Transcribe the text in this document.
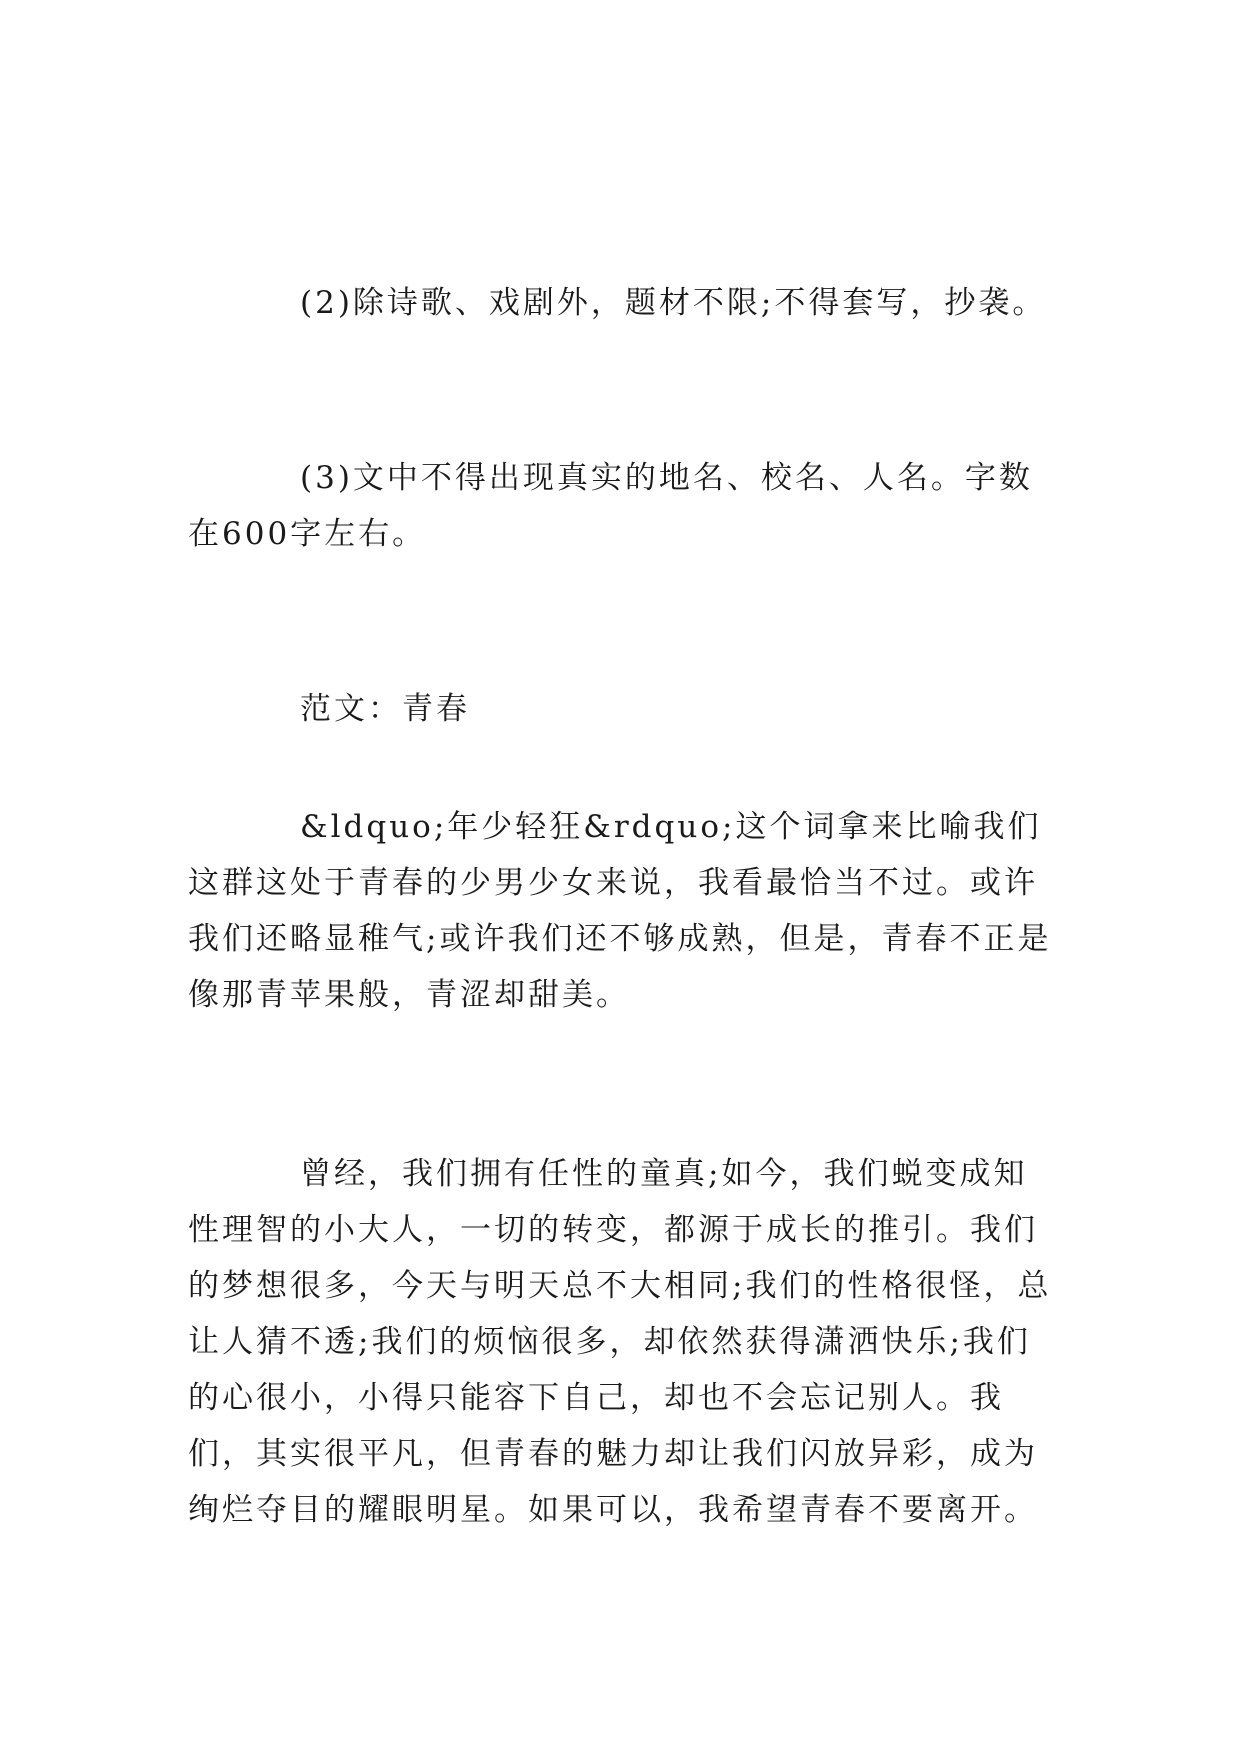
(2)除诗歌、戏剧外，题材不限;不得套写，抄袭。

(3)文中不得出现真实的地名、校名、人名。字数在600字左右。

范文：青春

&ldquo;年少轻狂&rdquo;这个词拿来比喻我们这群这处于青春的少男少女来说，我看最恰当不过。或许我们还略显稚气;或许我们还不够成熟，但是，青春不正是像那青苹果般，青涩却甜美。

曾经，我们拥有任性的童真;如今，我们蜕变成知性理智的小大人，一切的转变，都源于成长的推引。我们的梦想很多，今天与明天总不大相同;我们的性格很怪，总让人猜不透;我们的烦恼很多，却依然获得潇洒快乐;我们的心很小，小得只能容下自己，却也不会忘记别人。我们，其实很平凡，但青春的魅力却让我们闪放异彩，成为绚烂夺目的耀眼明星。如果可以，我希望青春不要离开。
